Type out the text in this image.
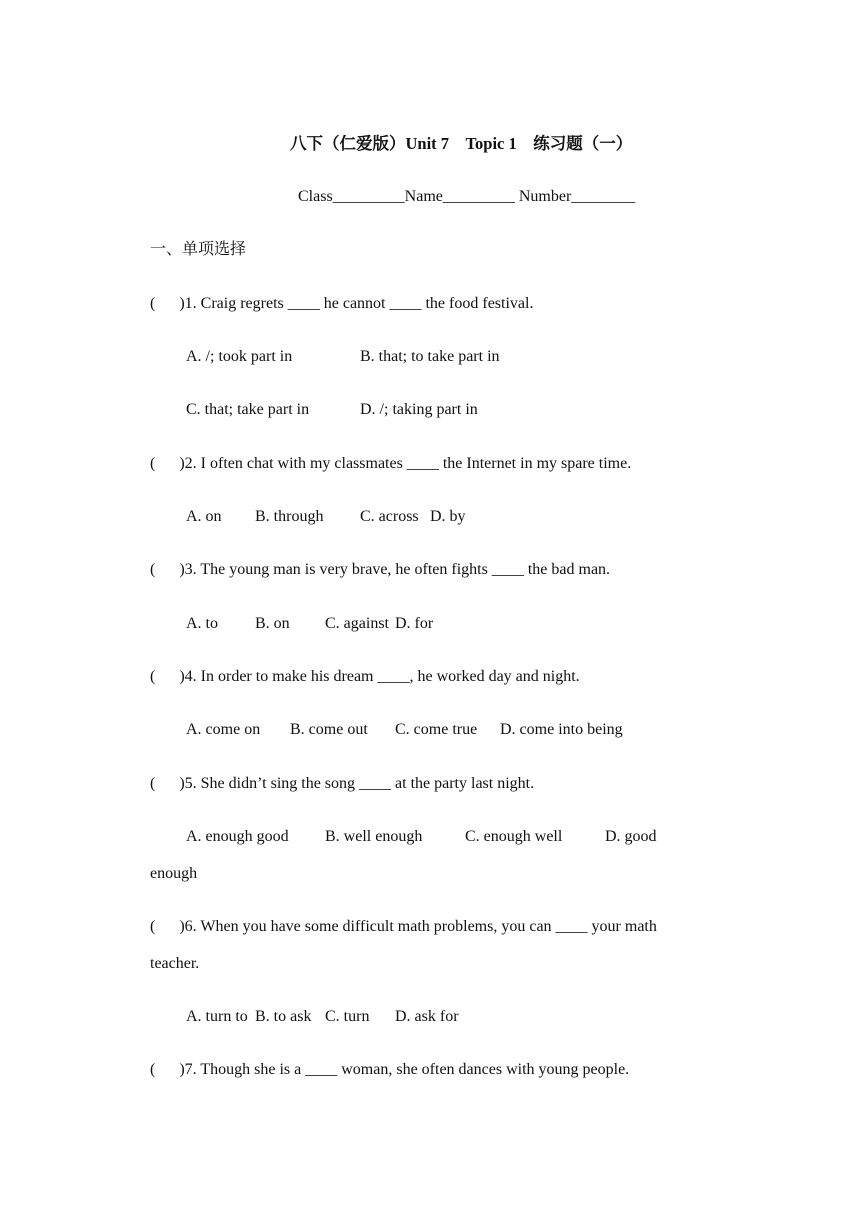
八下（仁爱版）Unit 7　Topic 1　练习题（一）
Class_________Name_________ Number________
一、单项选择
(      )1. Craig regrets ____ he cannot ____ the food festival.
A. /; took part in	B. that; to take part in
C. that; take part in	D. /; taking part in
(      )2. I often chat with my classmates ____ the Internet in my spare time.
A. on B. through C. across D. by
(      )3. The young man is very brave, he often fights ____ the bad man.
A. to B. on C. against D. for
(      )4. In order to make his dream ____, he worked day and night.
A. come on B. come out C. come true D. come into being
(      )5. She didn’t sing the song ____ at the party last night.
A. enough good B. well enough	C. enough well	D. good
enough
(      )6. When you have some difficult math problems, you can ____ your math
teacher.
A. turn to B. to ask C. turn D. ask for
(      )7. Though she is a ____ woman, she often dances with young people.
